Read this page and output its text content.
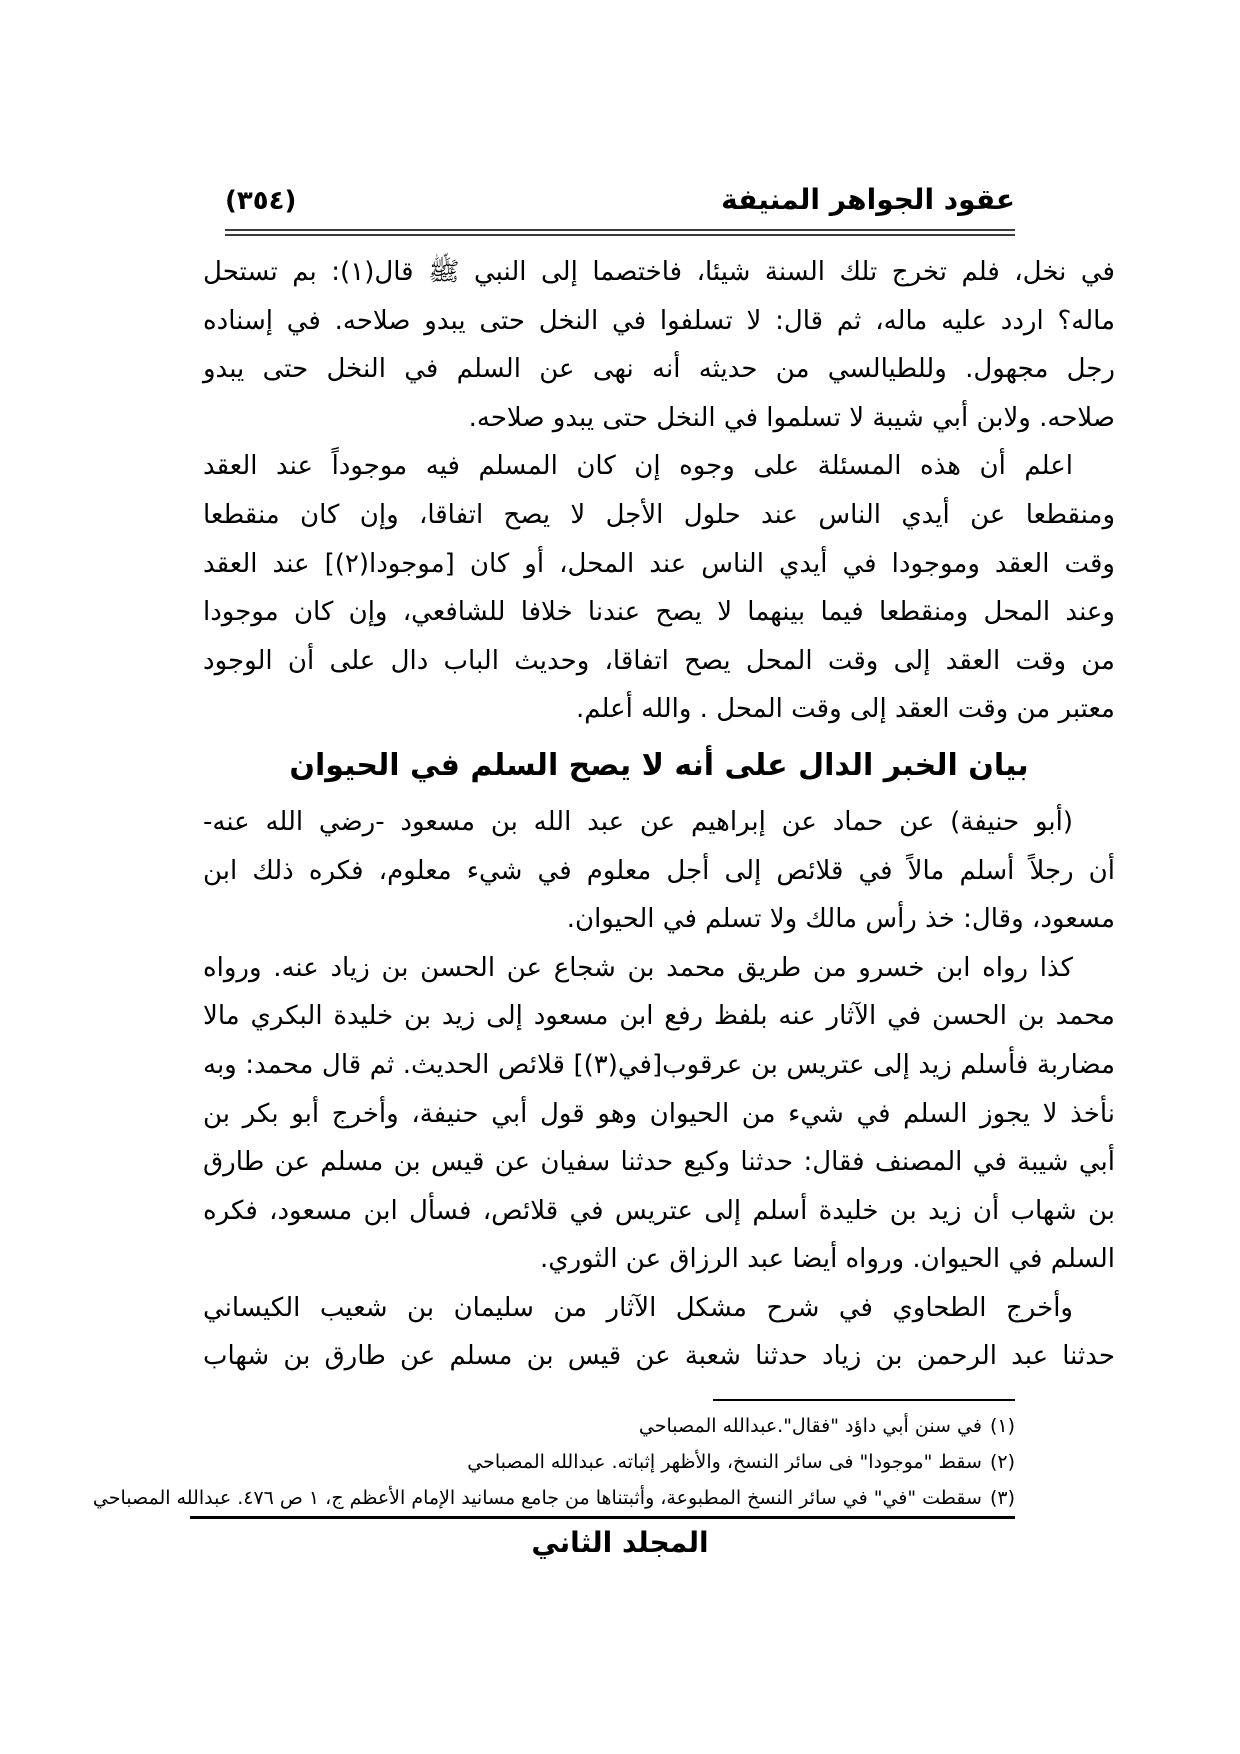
(٣٥٤)	عقود الجواهر المنيفة
في نخل، فلم تخرج تلك السنة شيئا، فاختصما إلى النبي ﷺ قال(١): بم تستحل
ماله؟ اردد عليه ماله، ثم قال: لا تسلفوا في النخل حتى يبدو صلاحه. في إسناده
رجل مجهول. وللطيالسي من حديثه أنه نهى عن السلم في النخل حتى يبدو
صلاحه. ولابن أبي شيبة لا تسلموا في النخل حتى يبدو صلاحه.
اعلم أن هذه المسئلة على وجوه إن كان المسلم فيه موجوداً عند العقد
ومنقطعا عن أيدي الناس عند حلول الأجل لا يصح اتفاقا، وإن كان منقطعا
وقت العقد وموجودا في أيدي الناس عند المحل، أو كان [موجودا(٢)] عند العقد
وعند المحل ومنقطعا فيما بينهما لا يصح عندنا خلافا للشافعي، وإن كان موجودا
من وقت العقد إلى وقت المحل يصح اتفاقا، وحديث الباب دال على أن الوجود
معتبر من وقت العقد إلى وقت المحل . والله أعلم.
بيان الخبر الدال على أنه لا يصح السلم في الحيوان
(أبو حنيفة) عن حماد عن إبراهيم عن عبد الله بن مسعود -رضي الله عنه-
أن رجلاً أسلم مالاً في قلائص إلى أجل معلوم في شيء معلوم، فكره ذلك ابن
مسعود، وقال: خذ رأس مالك ولا تسلم في الحيوان.
كذا رواه ابن خسرو من طريق محمد بن شجاع عن الحسن بن زياد عنه. ورواه
محمد بن الحسن في الآثار عنه بلفظ رفع ابن مسعود إلى زيد بن خليدة البكري مالا
مضاربة فأسلم زيد إلى عتريس بن عرقوب[في(٣)] قلائص الحديث. ثم قال محمد: وبه
نأخذ لا يجوز السلم في شيء من الحيوان وهو قول أبي حنيفة، وأخرج أبو بكر بن
أبي شيبة في المصنف فقال: حدثنا وكيع حدثنا سفيان عن قيس بن مسلم عن طارق
بن شهاب أن زيد بن خليدة أسلم إلى عتريس في قلائص، فسأل ابن مسعود، فكره
السلم في الحيوان. ورواه أيضا عبد الرزاق عن الثوري.
وأخرج الطحاوي في شرح مشكل الآثار من سليمان بن شعيب الكيساني
حدثنا عبد الرحمن بن زياد حدثنا شعبة عن قيس بن مسلم عن طارق بن شهاب
(١)في سنن أبي داؤد "فقال".عبدالله المصباحي
(٢)سقط "موجودا" فى سائر النسخ، والأظهر إثباته. عبدالله المصباحي
(٣)سقطت "في" في سائر النسخ المطبوعة، وأثبتناها من جامع مسانيد الإمام الأعظم ج، ١ ص ٤٧٦. عبدالله المصباحي
المجلد الثاني
